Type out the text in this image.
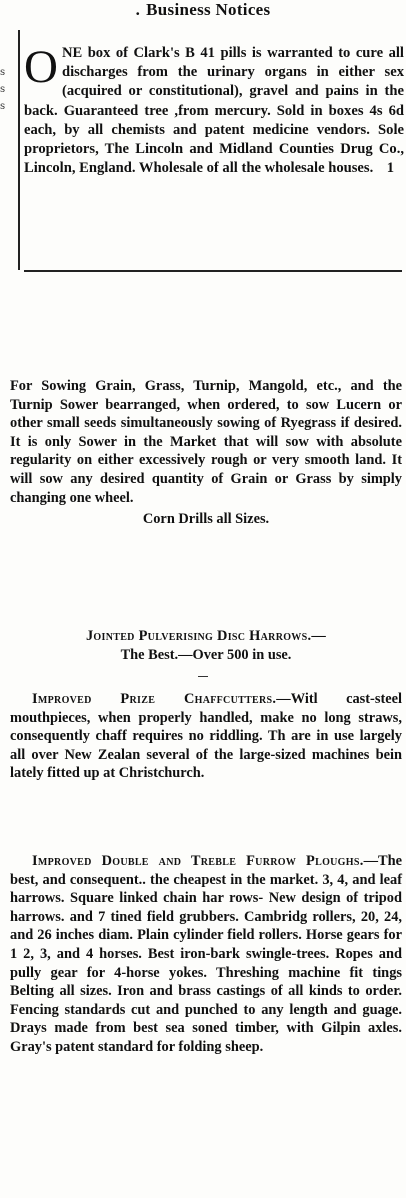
. Business Notices
s
s
s
ONE box of Clark's B 41 pills is warranted to cure all discharges from the urinary organs in either sex (acquired or constitutional), gravel and pains in the back. Guaranteed tree ,from mercury. Sold in boxes 4s 6d each, by all chemists and patent medicine vendors. Sole proprietors, The Lincoln and Midland Counties Drug Co., Lincoln, England. Wholesale of all the wholesale houses. 1
For Sowing Grain, Grass, Turnip, Mangold, etc., and the Turnip Sower bearranged, when ordered, to sow Lucern or other small seeds simultaneously sowing of Ryegrass if desired. It is only Sower in the Market that will sow with absolute regularity on either excessively rough or very smooth land. It will sow any desired quantity of Grain or Grass by simply changing one wheel.
Corn Drills all Sizes.
Jointed Pulverising Disc Harrows.—
The Best.—Over 500 in use.
Improved Prize Chaffcutters.—Witl cast-steel mouthpieces, when properly handled, make no long straws, consequently chaff requires no riddling. Th are in use largely all over New Zealan several of the large-sized machines bein lately fitted up at Christchurch.
Improved Double and Treble Furrow Ploughs.—The best, and consequent.. the cheapest in the market. 3, 4, and leaf harrows. Square linked chain har rows- New design of tripod harrows. and 7 tined field grubbers. Cambridg rollers, 20, 24, and 26 inches diam. Plain cylinder field rollers. Horse gears for 1 2, 3, and 4 horses. Best iron-bark swingle-trees. Ropes and pully gear for 4-horse yokes. Threshing machine fit tings Belting all sizes. Iron and brass castings of all kinds to order. Fencing standards cut and punched to any length and guage. Drays made from best sea soned timber, with Gilpin axles. Gray's patent standard for folding sheep.
